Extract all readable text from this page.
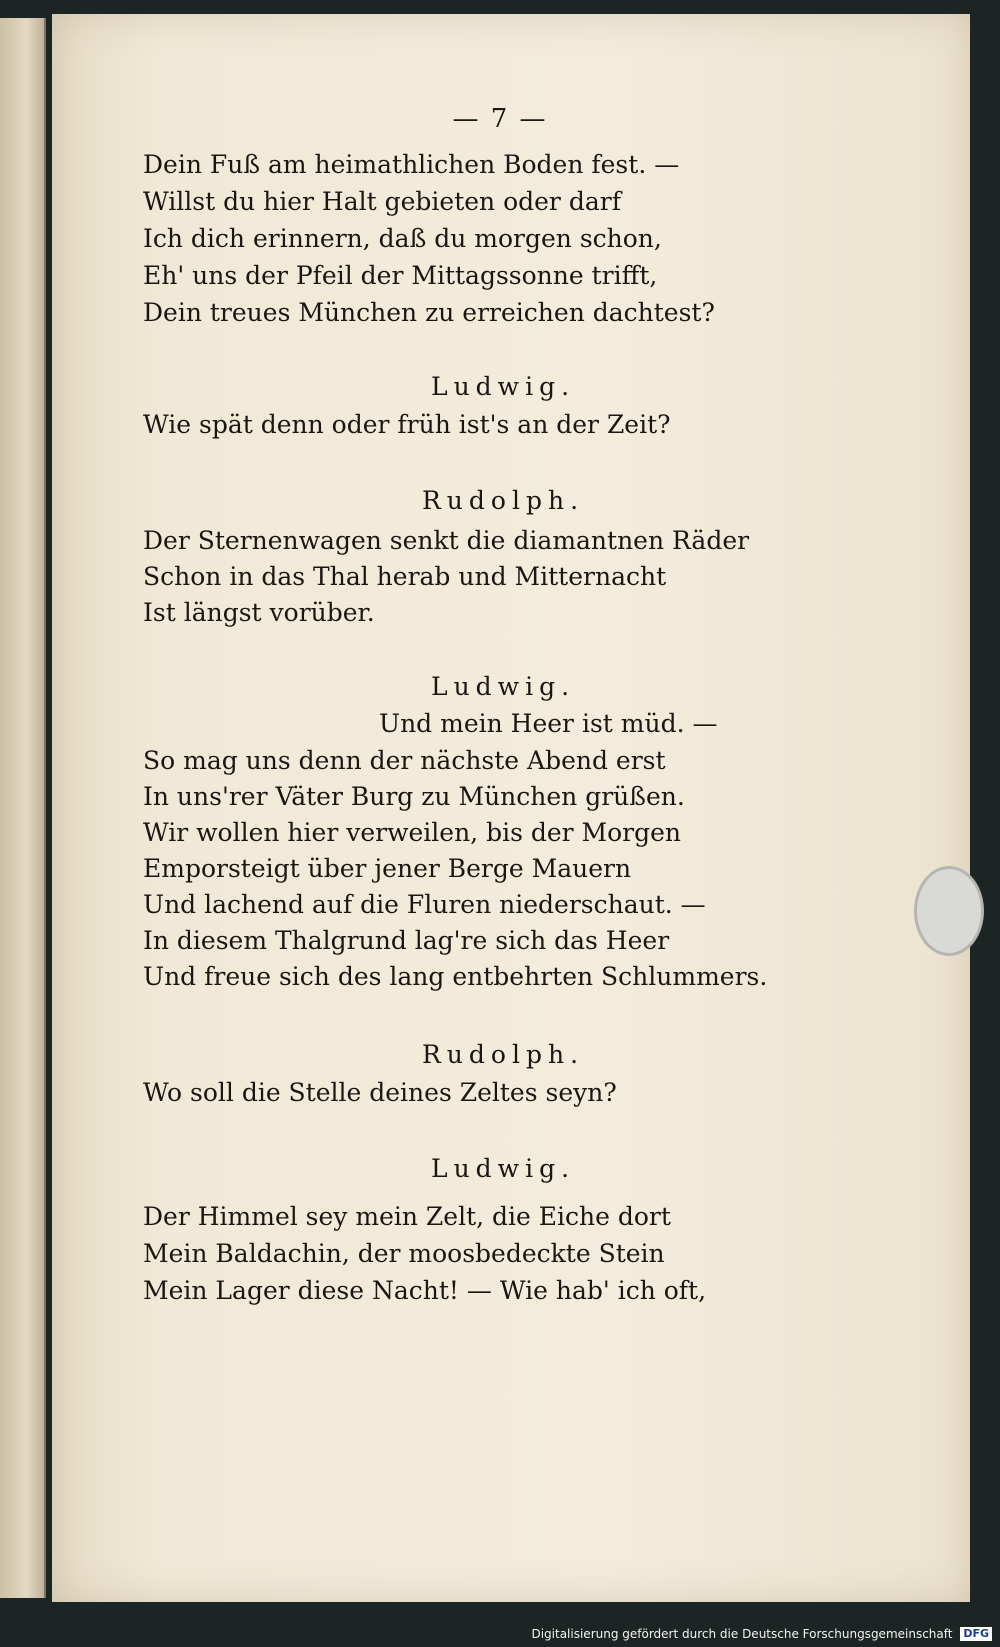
— 7 —
Dein Fuß am heimathlichen Boden fest. —
Willst du hier Halt gebieten oder darf
Ich dich erinnern, daß du morgen schon,
Eh' uns der Pfeil der Mittagssonne trifft,
Dein treues München zu erreichen dachtest?
Ludwig.
Wie spät denn oder früh ist's an der Zeit?
Rudolph.
Der Sternenwagen senkt die diamantnen Räder
Schon in das Thal herab und Mitternacht
Ist längst vorüber.
Ludwig.
Und mein Heer ist müd. —
So mag uns denn der nächste Abend erst
In uns'rer Väter Burg zu München grüßen.
Wir wollen hier verweilen, bis der Morgen
Emporsteigt über jener Berge Mauern
Und lachend auf die Fluren niederschaut. —
In diesem Thalgrund lag're sich das Heer
Und freue sich des lang entbehrten Schlummers.
Rudolph.
Wo soll die Stelle deines Zeltes seyn?
Ludwig.
Der Himmel sey mein Zelt, die Eiche dort
Mein Baldachin, der moosbedeckte Stein
Mein Lager diese Nacht! — Wie hab' ich oft,
Digitalisierung gefördert durch die Deutsche Forschungsgemeinschaft DFG
